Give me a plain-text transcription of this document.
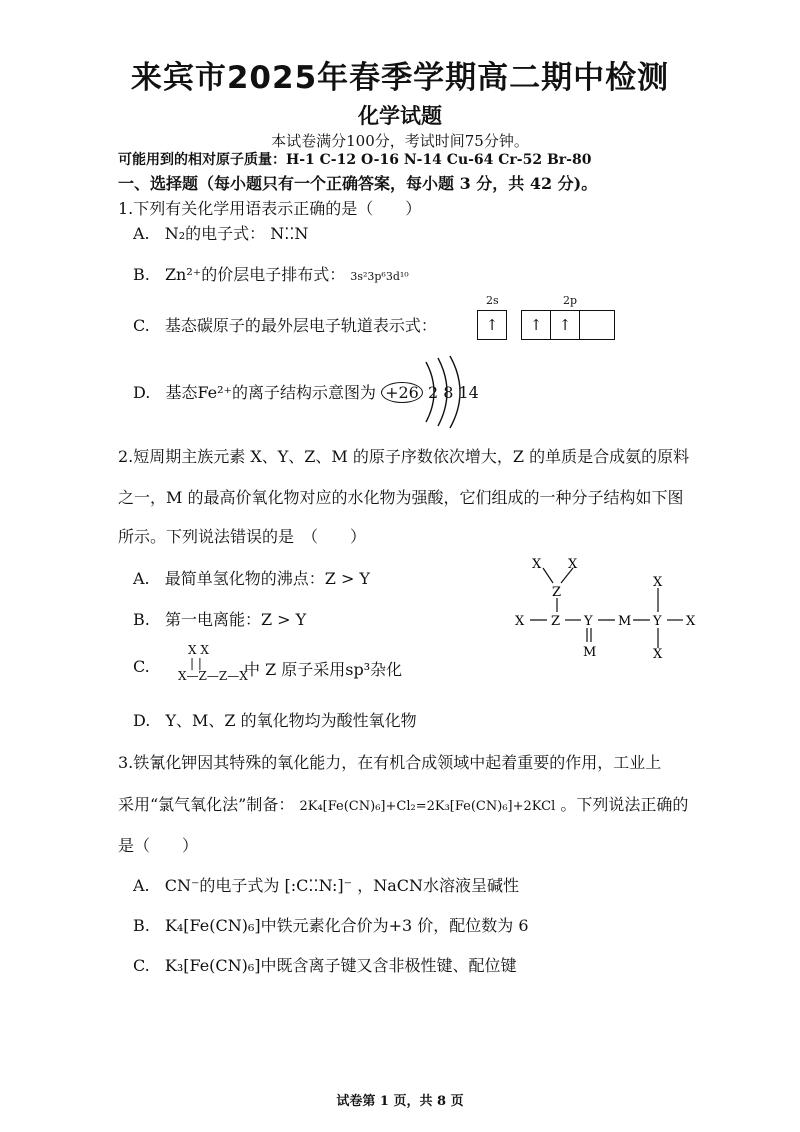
来宾市2025年春季学期高二期中检测
化学试题
本试卷满分100分，考试时间75分钟。
可能用到的相对原子质量：H-1 C-12 O-16 N-14 Cu-64 Cr-52 Br-80
一、选择题（每小题只有一个正确答案，每小题 3 分，共 42 分)。
1.下列有关化学用语表示正确的是（　　）
A. N₂的电子式： N⁚⁚N
B. Zn²⁺的价层电子排布式： 3s²3p⁶3d¹⁰
C. 基态碳原子的最外层电子轨道表示式：
2s	2p
↑	↑	↑
D. 基态Fe²⁺的离子结构示意图为 +26 2 8 14
2.短周期主族元素 X、Y、Z、M 的原子序数依次增大，Z 的单质是合成氨的原料
之一，M 的最高价氧化物对应的水化物为强酸，它们组成的一种分子结构如下图
所示。下列说法错误的是　（　　）
A. 最简单氢化物的沸点：Z > Y
B. 第一电离能：Z > Y
C.
X X
| |
X—Z—Z—X
中 Z 原子采用sp³杂化
D. Y、M、Z 的氧化物均为酸性氧化物
X X
Z
X Z Y M Y X
X
X
M
3.铁氰化钾因其特殊的氧化能力，在有机合成领域中起着重要的作用，工业上
采用“氯气氧化法”制备： 2K₄[Fe(CN)₆]+Cl₂=2K₃[Fe(CN)₆]+2KCl 。下列说法正确的
是（　　）
A. CN⁻的电子式为 [:C⁚⁚N:]⁻ ，NaCN水溶液呈碱性
B. K₄[Fe(CN)₆]中铁元素化合价为+3 价，配位数为 6
C. K₃[Fe(CN)₆]中既含离子键又含非极性键、配位键
试卷第 1 页，共 8 页
